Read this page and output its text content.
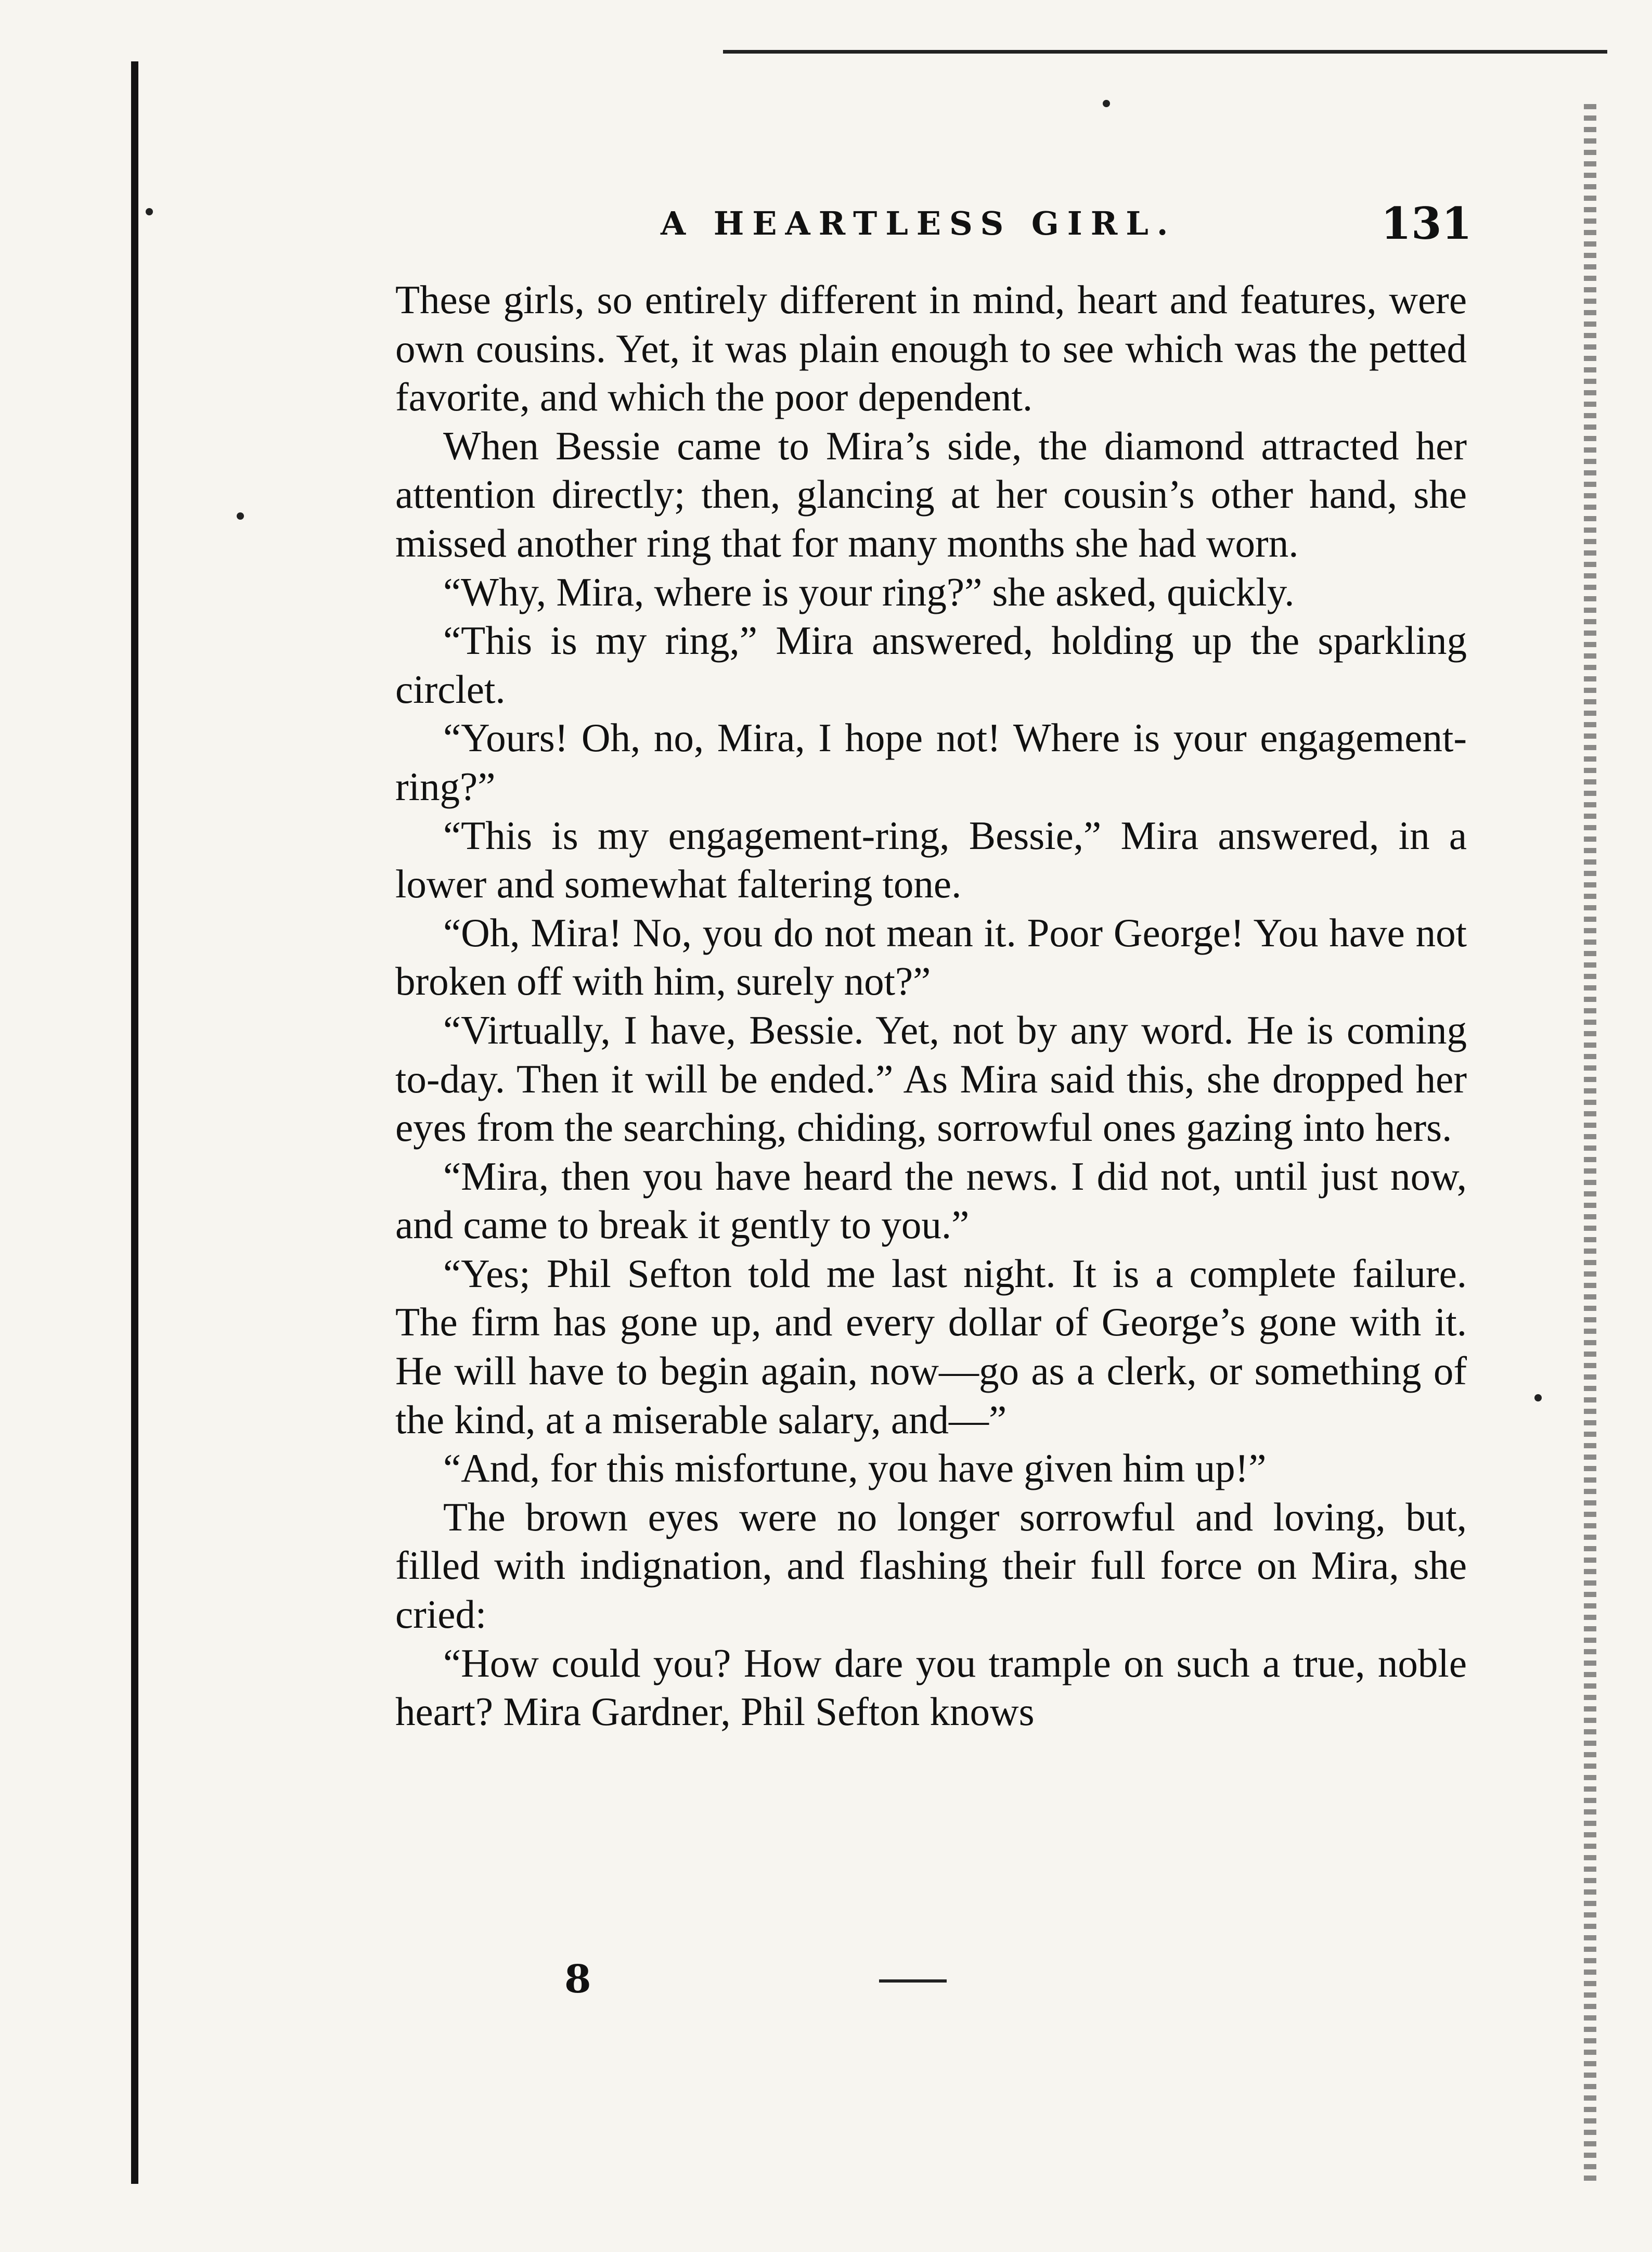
A HEARTLESS GIRL.	131

These girls, so entirely different in mind, heart and features, were own cousins. Yet, it was plain enough to see which was the petted favorite, and which the poor dependent.

When Bessie came to Mira’s side, the diamond attracted her attention directly; then, glancing at her cousin’s other hand, she missed another ring that for many months she had worn.

“Why, Mira, where is your ring?” she asked, quickly.

“This is my ring,” Mira answered, holding up the sparkling circlet.

“Yours! Oh, no, Mira, I hope not! Where is your engagement-ring?”

“This is my engagement-ring, Bessie,” Mira answered, in a lower and somewhat faltering tone.

“Oh, Mira! No, you do not mean it. Poor George! You have not broken off with him, surely not?”

“Virtually, I have, Bessie. Yet, not by any word. He is coming to-day. Then it will be ended.” As Mira said this, she dropped her eyes from the searching, chiding, sorrowful ones gazing into hers.

“Mira, then you have heard the news. I did not, until just now, and came to break it gently to you.”

“Yes; Phil Sefton told me last night. It is a complete failure. The firm has gone up, and every dollar of George’s gone with it. He will have to begin again, now—go as a clerk, or something of the kind, at a miserable salary, and—”

“And, for this misfortune, you have given him up!”

The brown eyes were no longer sorrowful and loving, but, filled with indignation, and flashing their full force on Mira, she cried:

“How could you? How dare you trample on such a true, noble heart? Mira Gardner, Phil Sefton knows

8
